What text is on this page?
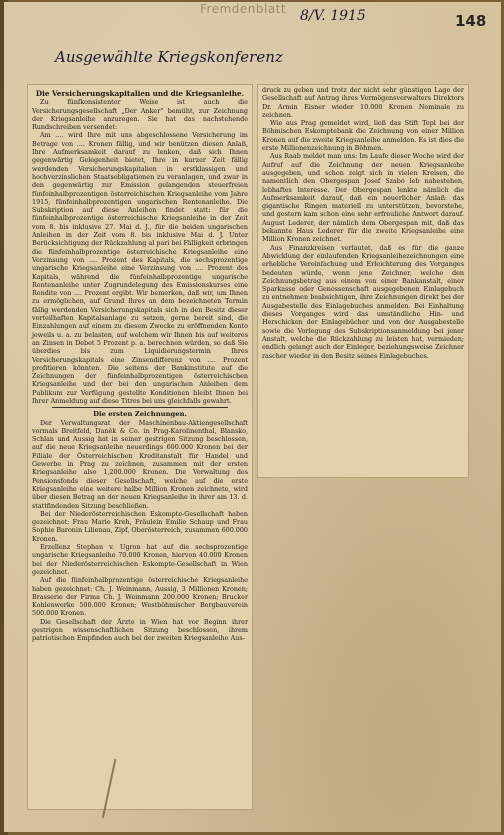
Fremdenblatt 8/V. 1915	148
Ausgewählte Kriegskonferenz

Die Versicherungskapitalien und die Kriegsanleihe.

Zu fünfkonsistenter Weise ist auch die Versicherungsgesellschaft „Der Anker“ bemüht, zur Zeichnung der Kriegsanleihe anzuregen. Sie hat das nachstehende Rundschreiben versendet:

Am .... wird Ihre mit uns abgeschlossene Versicherung im Betrage von .... Kronen fällig, und wir benützen diesen Anlaß, Ihre Aufmerksamkeit darauf zu lenken, daß sich Ihnen gegenwärtig Gelegenheit bietet, Ihre in kurzer Zeit fällig werdenden Versicherungskapitalien in erstklassigen und hochverzinslichen Staatsobligationen zu veranlagen, und zwar in den gegenwärtig zur Emission gelangenden steuerfreien fünfeinhalbprozentigen österreichischen Kriegsanleihe vom Jahre 1915, fünfeinhalbprozentigen ungarischen Rentenanleihe. Die Subskription auf diese Anleihen findet statt: für die fünfeinhalbprozentige österreichische Kriegsanleihe in der Zeit vom 8. bis inklusive 27. Mai d. J., für die beiden ungarischen Anleihen in der Zeit vom 8. bis inklusive Mai d. J. Unter Berücksichtigung der Rückzahlung al pari bei Fälligkeit erbringen die fünfeinhalbprozentige österreichische Kriegsanleihe eine Verzinsung von .... Prozent des Kapitals, die sechsprozentige ungarische Kriegsanleihe eine Verzinsung von .... Prozent des Kapitals, während die fünfeinhalbprozentige ungarische Rentenanleihe unter Zugrundelegung des Emissionskurses eine Rendite von .... Prozent ergibt. Wir bemerken, daß wir, um Ihnen zu ermöglichen, auf Grund Ihres an dem bezeichneten Termin fällig werdenden Versicherungskapitals sich in den Besitz dieser vorteilhaften Kapitalsanlage zu setzen, gerne bereit sind, die Einzahlungen auf einem zu diesem Zwecke zu eröffnenden Konto jeweils u. a. zu belasten, auf welchem wir Ihnen bis auf weiteres an Zinsen in Debet 5 Prozent p. a. berechnen würden, so daß Sie überdies bis zum Liquidierungstermin Ihres Versicherungskapitals eine Zinsendifferenz von .... Prozent profitieren könnten. Die seitens der Bankinstitute auf die Zeichnungen der fünfeinhalbprozentigen österreichischen Kriegsanleihe und der bei den ungarischen Anleihen dem Publikum zur Verfügung gestellte Konditionen bleibt Ihnen bei Ihrer Anmeldung auf diese Titres bei uns gleichfalls gewahrt.

Die ersten Zeichnungen.

Der Verwaltungsrat der Maschinenbau-Aktiengesellschaft vormals Breitfeld, Daněk & Co. in Prag-Karolinenthal, Blansko, Schlan und Aussig hat in seiner gestrigen Sitzung beschlossen, auf die neue Kriegsanleihe neuerdings 600.000 Kronen bei der Filiale der Österreichischen Kreditanstalt für Handel und Gewerbe in Prag zu zeichnen, zusammen mit der ersten Kriegsanleihe also 1,200.000 Kronen. Die Verwaltung des Pensionsfonds dieser Gesellschaft, welche auf die erste Kriegsanleihe eine weitere halbe Million Kronen zeichnete, wird über diesen Betrag an der neuen Kriegsanleihe in ihrer am 13. d. stattfindenden Sitzung beschließen.

Bei der Niederösterreichischen Eskompte-Gesellschaft haben gezeichnet: Frau Marie Kreh, Fräulein Emilie Schaup und Frau Sophie Baronin Lilienau, Zipf, Oberösterreich, zusammen 600.000 Kronen.

Erzellenz Stephan v. Ugron hat auf die sechsprozentige ungarische Kriegsanleihe 70.000 Kronen, hiervon 40.000 Kronen bei der Niederösterreichischen Eskompte-Gesellschaft in Wien gezeichnet.

Auf die fünfeinhalbprozentige österreichische Kriegsanleihe haben gezeichnet: Ch. J. Weinmann, Aussig, 3 Millionen Kronen; Brasserie der Firma Ch. J. Weinmann 200.000 Kronen; Brucker Kohlenwerke 500.000 Kronen; Westböhmischer Bergbauverein 500.000 Kronen.

Die Gesellschaft der Ärzte in Wien hat vor Beginn ihrer gestrigen wissenschaftlichen Sitzung beschlossen, ihrem patriotischen Empfinden auch bei der zweiten Kriegsanleihe Aus-

druck zu geben und trotz der nicht sehr günstigen Lage der Gesellschaft auf Antrag ihres Vermögensverwalters Direktors Dr. Armin Eisner wieder 10.000 Kronen Nominale zu zeichnen.

Wie aus Prag gemeldet wird, ließ das Stift Tepl bei der Böhmischen Eskomptebank die Zeichnung von einer Million Kronen auf die zweite Kriegsanleihe anmelden. Es ist dies die erste Millionenzeichnung in Böhmen.

Aus Raab meldet man uns: Im Laufe dieser Woche wird der Aufruf auf die Zeichnung der neuen Kriegsanleihe ausgegeben, und schon zeigt sich in vielen Kreisen, die namentlich den Obergespan Josef Szabó leb nahestehen, lebhaftes Interesse. Der Obergespan lenkte nämlich die Aufmerksamkeit darauf, daß ein neuerlicher Anlaß: das gigantische Ringen materiell zu unterstützen, bevorstehe, und gestern kam schon eine sehr erfreuliche Antwort darauf. August Lederer, der nämlich dem Obergespan mit, daß das bekannte Haus Lederer für die zweite Kriegsanleihe eine Million Kronen zeichnet.

Aus Finanzkreisen verlautet, daß es für die ganze Abwicklung der einlaufenden Kriegsanleihezeichnungen eine erhebliche Vereinfachung und Erleichterung des Vorganges bedeuten würde, wenn jene Zeichner, welche den Zeichnungsbetrag aus einem von einer Bankanstalt, einer Sparkasse oder Genossenschaft ausgegebenen Einlagebuch zu entnehmen beabsichtigen, ihre Zeichnungen direkt bei der Ausgabestelle des Einlagebuches anmelden. Bei Einhaltung dieses Vorganges wird das umständliche Hin- und Herschicken der Einlagebücher und von der Ausgabestelle sowie die Vorlegung des Subskriptionsanmeldung bei jener Anstalt, welche die Rückzahlung zu leisten hat, vermieden; endlich gelangt auch der Einleger, beziehungsweise Zeichner rascher wieder in den Besitz seines Einlagebuches.
